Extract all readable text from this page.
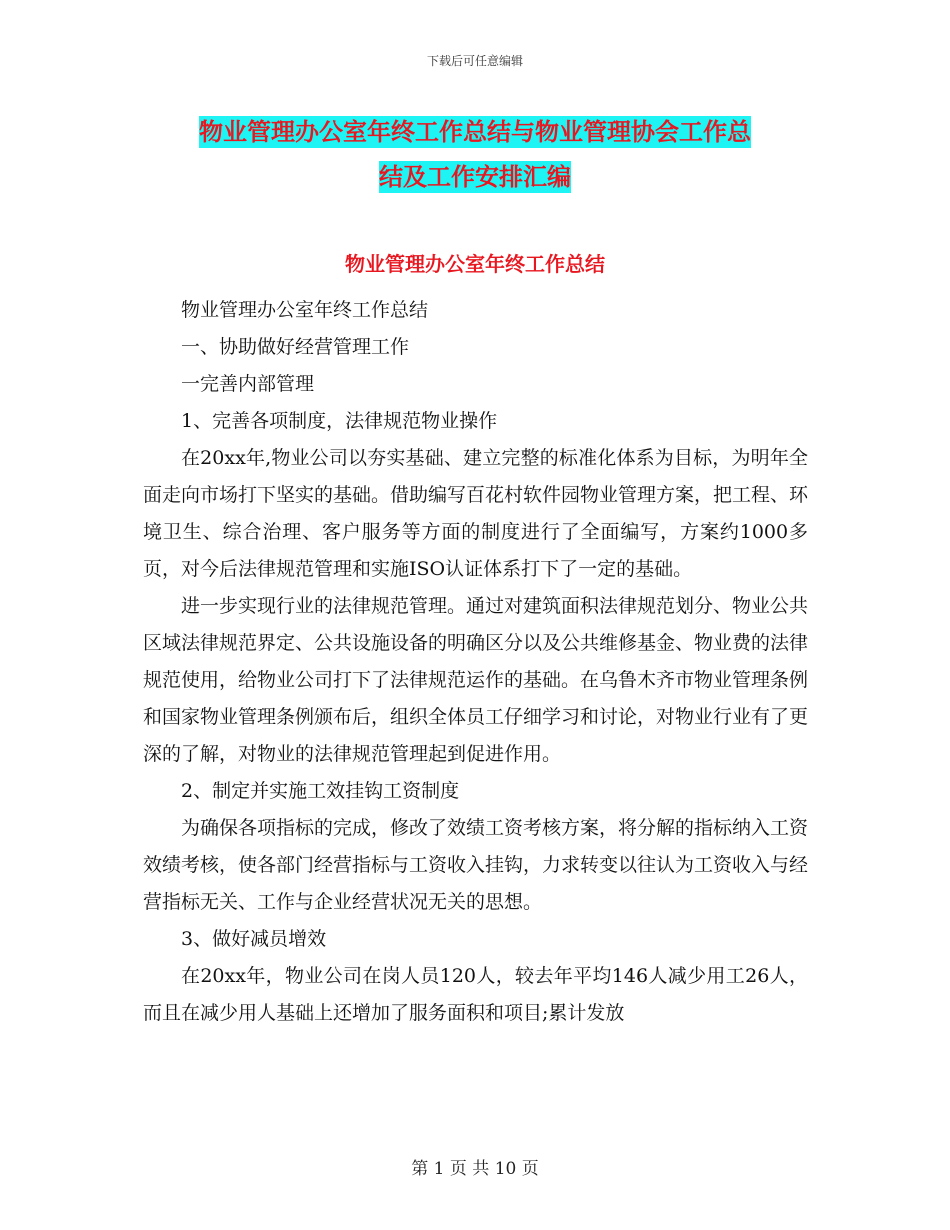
下载后可任意编辑
物业管理办公室年终工作总结与物业管理协会工作总
结及工作安排汇编
物业管理办公室年终工作总结

物业管理办公室年终工作总结

一、协助做好经营管理工作

一完善内部管理

1、完善各项制度，法律规范物业操作

在20xx年,物业公司以夯实基础、建立完整的标准化体系为目标，为明年全面走向市场打下坚实的基础。借助编写百花村软件园物业管理方案，把工程、环境卫生、综合治理、客户服务等方面的制度进行了全面编写，方案约1000多页，对今后法律规范管理和实施ISO认证体系打下了一定的基础。

进一步实现行业的法律规范管理。通过对建筑面积法律规范划分、物业公共区域法律规范界定、公共设施设备的明确区分以及公共维修基金、物业费的法律规范使用，给物业公司打下了法律规范运作的基础。在乌鲁木齐市物业管理条例和国家物业管理条例颁布后，组织全体员工仔细学习和讨论，对物业行业有了更深的了解，对物业的法律规范管理起到促进作用。

2、制定并实施工效挂钩工资制度

为确保各项指标的完成，修改了效绩工资考核方案，将分解的指标纳入工资效绩考核，使各部门经营指标与工资收入挂钩，力求转变以往认为工资收入与经营指标无关、工作与企业经营状况无关的思想。

3、做好减员增效

在20xx年，物业公司在岗人员120人，较去年平均146人减少用工26人，而且在减少用人基础上还增加了服务面积和项目;累计发放

第 1 页 共 10 页
